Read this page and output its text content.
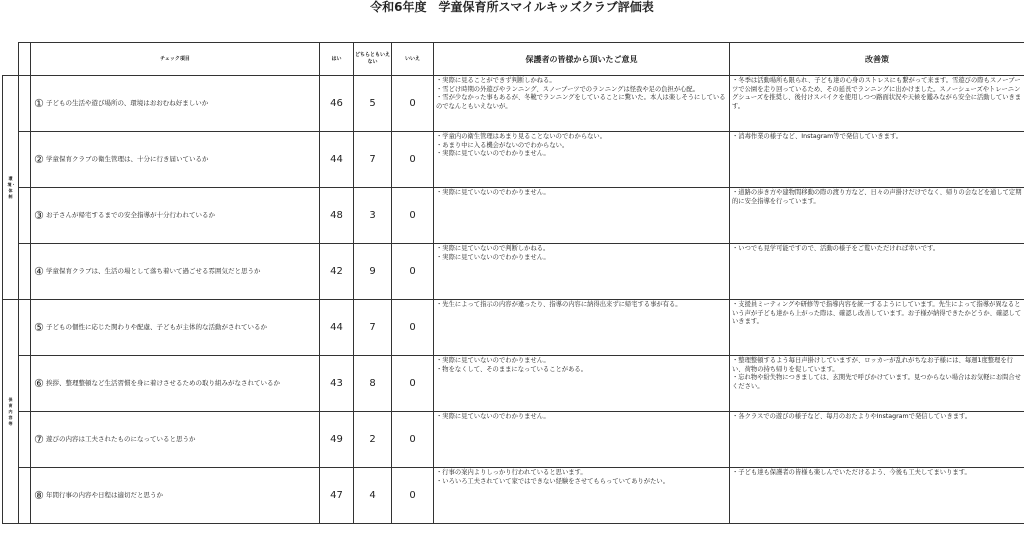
令和6年度　学童保育所スマイルキッズクラブ評価表
		チェック項目	はい	どちらともいえない	いいえ	保護者の皆様から頂いたご意見	改善策
環境・体制		① 子どもの生活や遊び場所の、環境はおおむね好ましいか	46	5	0	・実際に見ることができず判断しかねる。
・雪どけ時期の外遊びやランニング、スノーブーツでのランニングは怪我や足の負担が心配。
・雪が少なかった事もあるが、冬靴でランニングをしていることに驚いた。本人は楽しそうにしているのでなんともいえないが。	・冬季は活動場所も限られ、子ども達の心身のストレスにも繋がって来ます。雪遊びの際もスノーブーツで公園を走り回っているため、その延長でランニングに出かけました。スノーシューズやトレーニングシューズを推奨し、後付けスパイクを使用しつつ路面状況や天候を鑑みながら安全に活動していきます。

		② 学童保育クラブの衛生管理は、十分に行き届いているか	44	7	0	・学童内の衛生管理はあまり見ることないのでわからない。
・あまり中に入る機会がないのでわからない。
・実際に見ていないのでわかりません。	・消毒作業の様子など、Instagram等で発信していきます。

		③ お子さんが帰宅するまでの安全指導が十分行われているか	48	3	0	・実際に見ていないのでわかりません。	・道路の歩き方や建物間移動の際の渡り方など、日々の声掛けだけでなく、帰りの会などを通して定期的に安全指導を行っています。

		④ 学童保育クラブは、生活の場として落ち着いて過ごせる雰囲気だと思うか	42	9	0	・実際に見ていないので判断しかねる。
・実際に見ていないのでわかりません。	・いつでも見学可能ですので、活動の様子をご覧いただければ幸いです。
保育内容等		⑤ 子どもの個性に応じた関わりや配慮、子どもが主体的な活動がされているか	44	7	0	・先生によって指示の内容が違ったり、指導の内容に納得出来ずに帰宅する事が有る。	・支援員ミーティングや研修等で指導内容を統一するようにしています。先生によって指導が異なるという声が子ども達から上がった際は、確認し改善しています。お子様が納得できたかどうか、確認していきます。

		⑥ 挨拶、整理整頓など生活習慣を身に着けさせるための取り組みがなされているか	43	8	0	・実際に見ていないのでわかりません。
・物をなくして、そのままになっていることがある。	・整理整頓するよう毎日声掛けしていますが、ロッカーが乱れがちなお子様には、毎週1度整理を行い、荷物の持ち帰りを促しています。
・忘れ物や紛失物につきましては、玄関先で呼びかけています。見つからない場合はお気軽にお問合せください。

		⑦ 遊びの内容は工夫されたものになっていると思うか	49	2	0	・実際に見ていないのでわかりません。	・各クラスでの遊びの様子など、毎月のおたよりやInstagramで発信していきます。

		⑧ 年間行事の内容や日程は適切だと思うか	47	4	0	・行事の案内よりしっかり行われていると思います。
・いろいろ工夫されていて家ではできない経験をさせてもらっていてありがたい。	・子ども達も保護者の皆様も楽しんでいただけるよう、今後も工夫してまいります。
